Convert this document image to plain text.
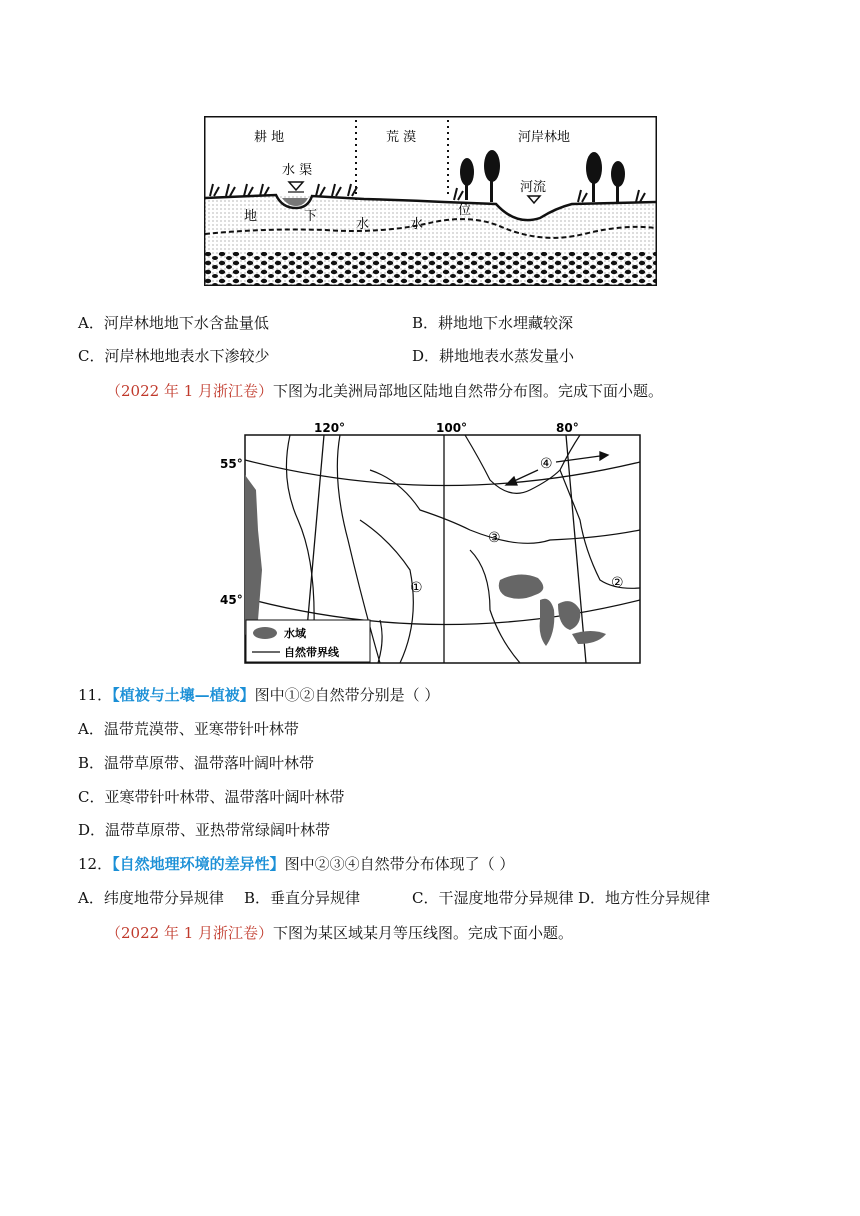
耕 地	荒 漠	河岸林地
水 渠
河流
地	下
水	水
位
A．河岸林地地下水含盐量低	B．耕地地下水埋藏较深
C．河岸林地地表水下渗较少	D．耕地地表水蒸发量小
（2022 年 1 月浙江卷）下图为北美洲局部地区陆地自然带分布图。完成下面小题。
120°	100°	80°
55°
45°
①	②
③
④
水域
自然带界线
11．【植被与土壤—植被】图中①②自然带分别是（ ）
A．温带荒漠带、亚寒带针叶林带
B．温带草原带、温带落叶阔叶林带
C．亚寒带针叶林带、温带落叶阔叶林带
D．温带草原带、亚热带常绿阔叶林带
12．【自然地理环境的差异性】图中②③④自然带分布体现了（ ）
A．纬度地带分异规律 B．垂直分异规律	C．干湿度地带分异规律 D．地方性分异规律
（2022 年 1 月浙江卷）下图为某区域某月等压线图。完成下面小题。
